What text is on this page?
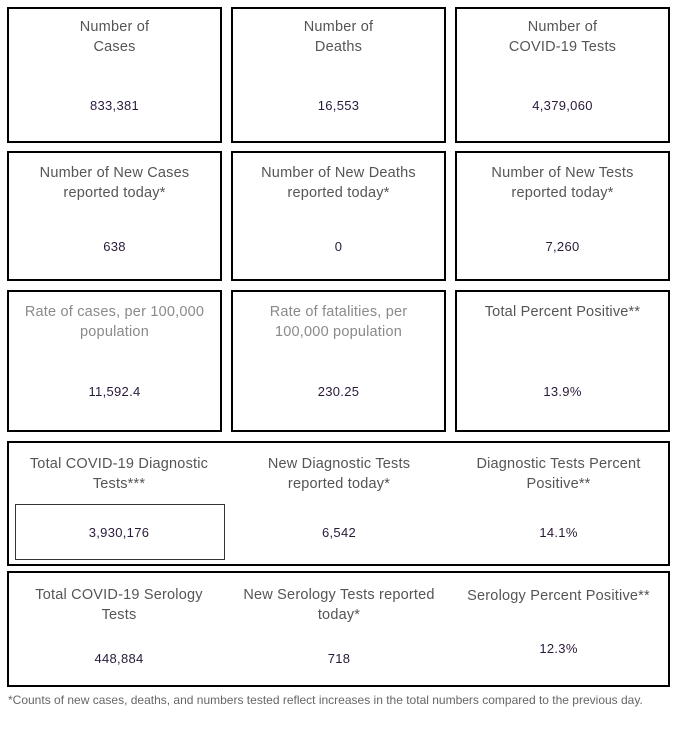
Number of
Cases
833,381
Number of
Deaths
16,553
Number of
COVID-19 Tests
4,379,060
Number of New Cases
reported today*
638
Number of New Deaths
reported today*
0
Number of New Tests
reported today*
7,260
Rate of cases, per 100,000
population
11,592.4
Rate of fatalities, per
100,000 population
230.25
Total Percent Positive**
13.9%
Total COVID-19 Diagnostic
Tests***
3,930,176
New Diagnostic Tests
reported today*
6,542
Diagnostic Tests Percent
Positive**
14.1%
Total COVID-19 Serology
Tests
448,884
New Serology Tests reported
today*
718
Serology Percent Positive**
12.3%
*Counts of new cases, deaths, and numbers tested reflect increases in the total numbers compared to the previous day.
